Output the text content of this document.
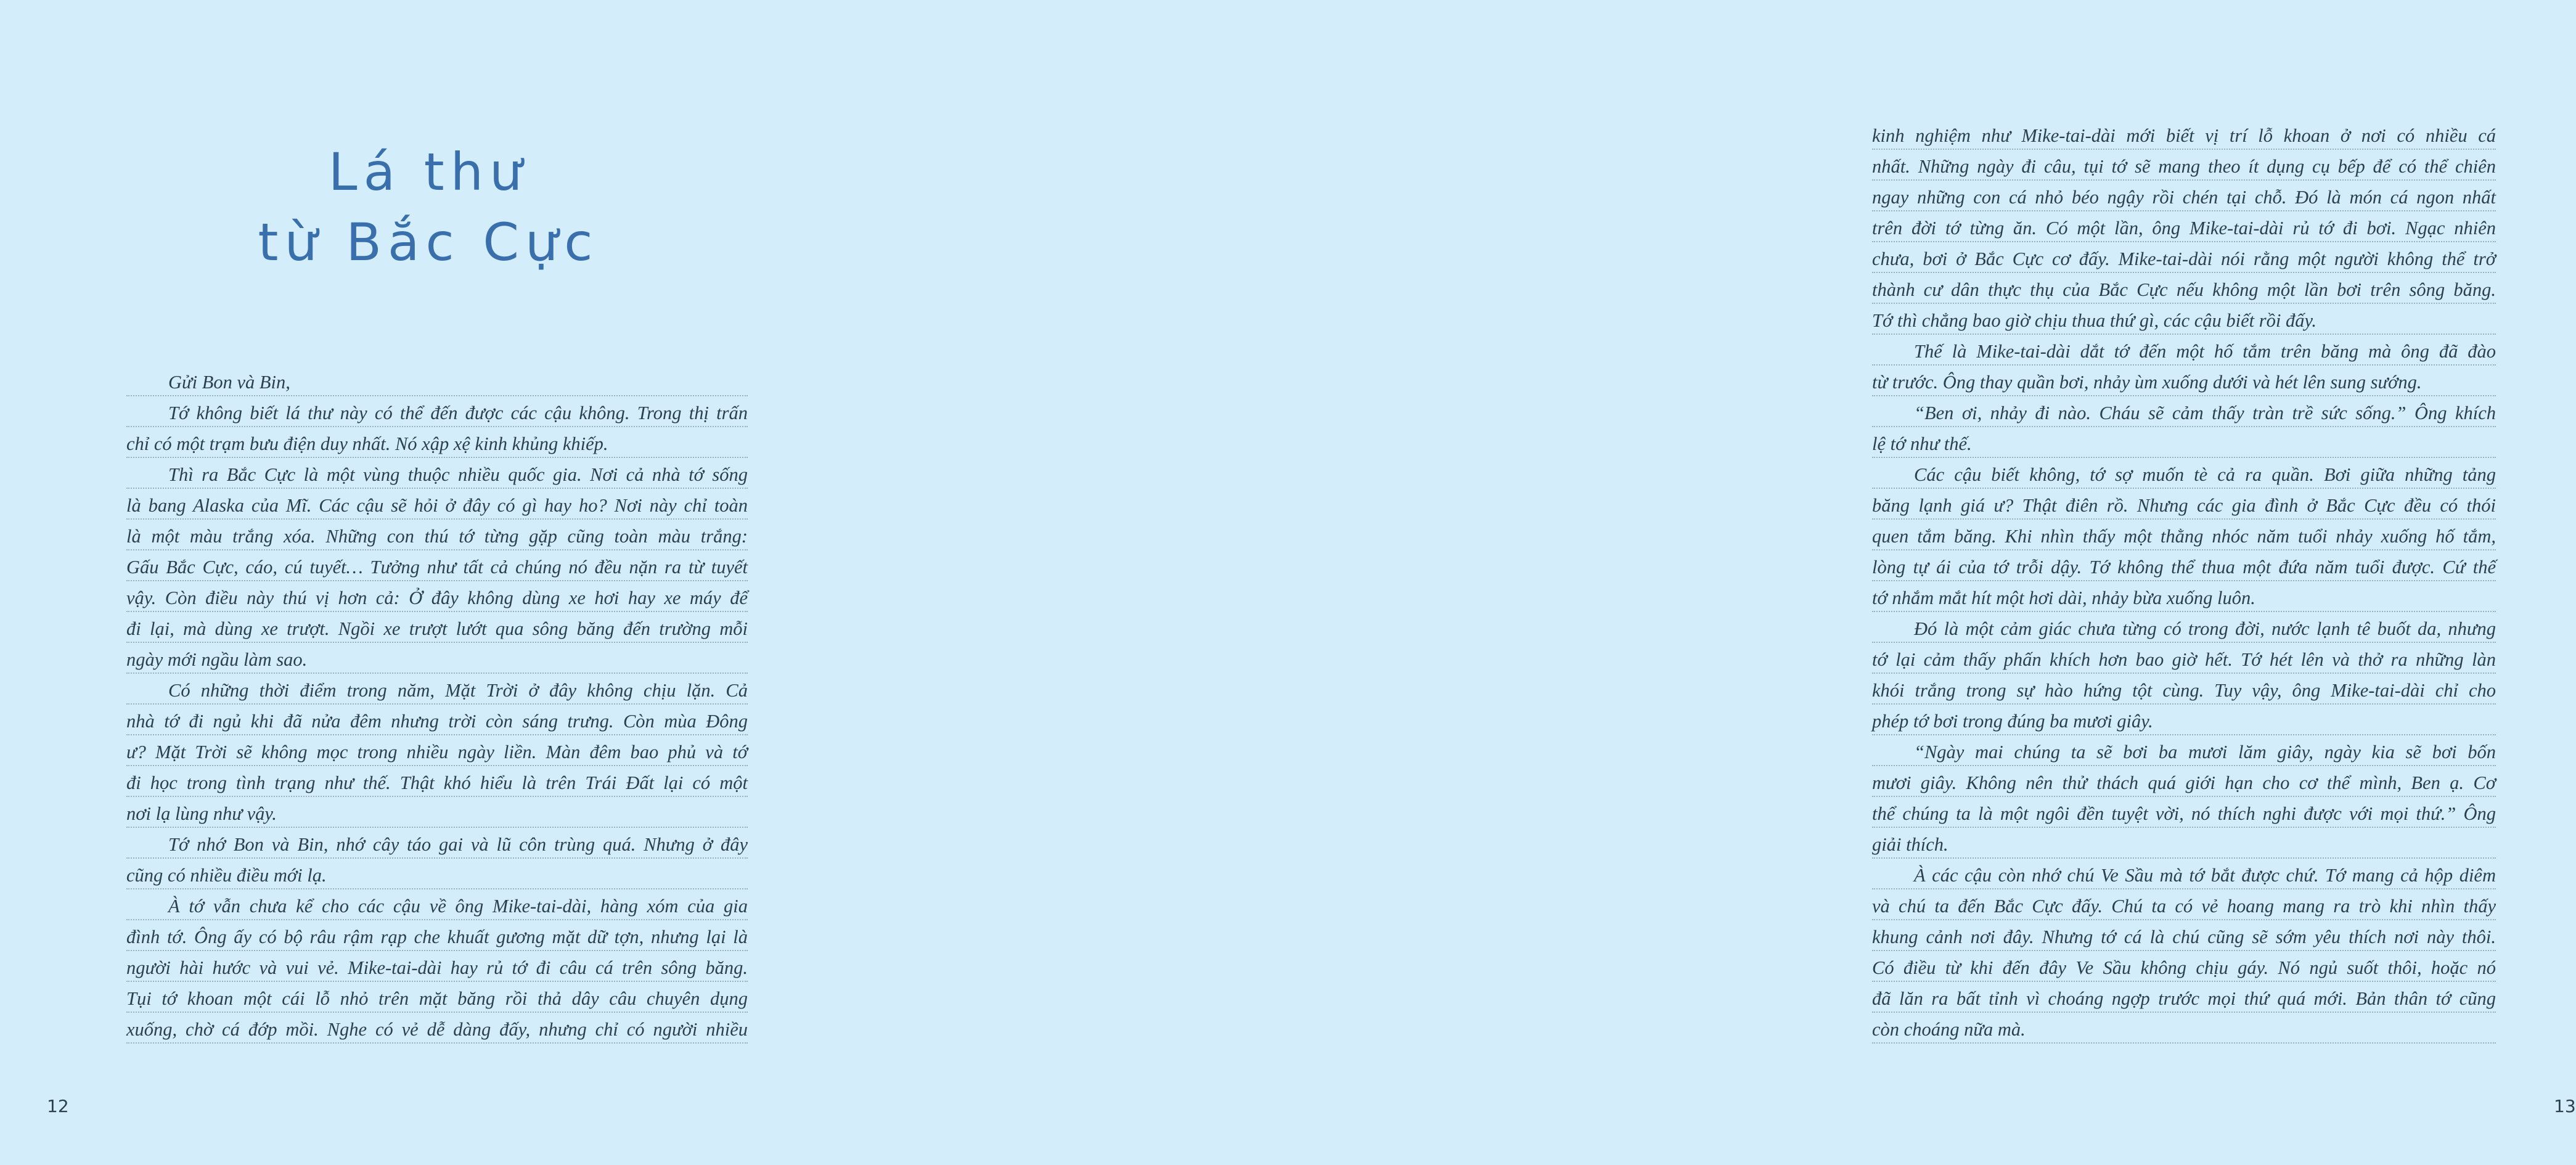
Lá thư
từ Bắc Cực
Gửi Bon và Bin,
Tớ không biết lá thư này có thể đến được các cậu không. Trong thị trấn
chỉ có một trạm bưu điện duy nhất. Nó xập xệ kinh khủng khiếp.
Thì ra Bắc Cực là một vùng thuộc nhiều quốc gia. Nơi cả nhà tớ sống
là bang Alaska của Mĩ. Các cậu sẽ hỏi ở đây có gì hay ho? Nơi này chỉ toàn
là một màu trắng xóa. Những con thú tớ từng gặp cũng toàn màu trắng:
Gấu Bắc Cực, cáo, cú tuyết… Tưởng như tất cả chúng nó đều nặn ra từ tuyết
vậy. Còn điều này thú vị hơn cả: Ở đây không dùng xe hơi hay xe máy để
đi lại, mà dùng xe trượt. Ngồi xe trượt lướt qua sông băng đến trường mỗi
ngày mới ngầu làm sao.
Có những thời điểm trong năm, Mặt Trời ở đây không chịu lặn. Cả
nhà tớ đi ngủ khi đã nửa đêm nhưng trời còn sáng trưng. Còn mùa Đông
ư? Mặt Trời sẽ không mọc trong nhiều ngày liền. Màn đêm bao phủ và tớ
đi học trong tình trạng như thế. Thật khó hiểu là trên Trái Đất lại có một
nơi lạ lùng như vậy.
Tớ nhớ Bon và Bin, nhớ cây táo gai và lũ côn trùng quá. Nhưng ở đây
cũng có nhiều điều mới lạ.
À tớ vẫn chưa kể cho các cậu về ông Mike-tai-dài, hàng xóm của gia
đình tớ. Ông ấy có bộ râu rậm rạp che khuất gương mặt dữ tợn, nhưng lại là
người hài hước và vui vẻ. Mike-tai-dài hay rủ tớ đi câu cá trên sông băng.
Tụi tớ khoan một cái lỗ nhỏ trên mặt băng rồi thả dây câu chuyên dụng
xuống, chờ cá đớp mồi. Nghe có vẻ dễ dàng đấy, nhưng chỉ có người nhiều
12
kinh nghiệm như Mike-tai-dài mới biết vị trí lỗ khoan ở nơi có nhiều cá
nhất. Những ngày đi câu, tụi tớ sẽ mang theo ít dụng cụ bếp để có thể chiên
ngay những con cá nhỏ béo ngậy rồi chén tại chỗ. Đó là món cá ngon nhất
trên đời tớ từng ăn. Có một lần, ông Mike-tai-dài rủ tớ đi bơi. Ngạc nhiên
chưa, bơi ở Bắc Cực cơ đấy. Mike-tai-dài nói rằng một người không thể trở
thành cư dân thực thụ của Bắc Cực nếu không một lần bơi trên sông băng.
Tớ thì chẳng bao giờ chịu thua thứ gì, các cậu biết rồi đấy.
Thế là Mike-tai-dài dắt tớ đến một hố tắm trên băng mà ông đã đào
từ trước. Ông thay quần bơi, nhảy ùm xuống dưới và hét lên sung sướng.
“Ben ơi, nhảy đi nào. Cháu sẽ cảm thấy tràn trề sức sống.” Ông khích
lệ tớ như thế.
Các cậu biết không, tớ sợ muốn tè cả ra quần. Bơi giữa những tảng
băng lạnh giá ư? Thật điên rồ. Nhưng các gia đình ở Bắc Cực đều có thói
quen tắm băng. Khi nhìn thấy một thằng nhóc năm tuổi nhảy xuống hố tắm,
lòng tự ái của tớ trỗi dậy. Tớ không thể thua một đứa năm tuổi được. Cứ thế
tớ nhắm mắt hít một hơi dài, nhảy bừa xuống luôn.
Đó là một cảm giác chưa từng có trong đời, nước lạnh tê buốt da, nhưng
tớ lại cảm thấy phấn khích hơn bao giờ hết. Tớ hét lên và thở ra những làn
khói trắng trong sự hào hứng tột cùng. Tuy vậy, ông Mike-tai-dài chỉ cho
phép tớ bơi trong đúng ba mươi giây.
“Ngày mai chúng ta sẽ bơi ba mươi lăm giây, ngày kia sẽ bơi bốn
mươi giây. Không nên thử thách quá giới hạn cho cơ thể mình, Ben ạ. Cơ
thể chúng ta là một ngôi đền tuyệt vời, nó thích nghi được với mọi thứ.” Ông
giải thích.
À các cậu còn nhớ chú Ve Sầu mà tớ bắt được chứ. Tớ mang cả hộp diêm
và chú ta đến Bắc Cực đấy. Chú ta có vẻ hoang mang ra trò khi nhìn thấy
khung cảnh nơi đây. Nhưng tớ cá là chú cũng sẽ sớm yêu thích nơi này thôi.
Có điều từ khi đến đây Ve Sầu không chịu gáy. Nó ngủ suốt thôi, hoặc nó
đã lăn ra bất tỉnh vì choáng ngợp trước mọi thứ quá mới. Bản thân tớ cũng
còn choáng nữa mà.
13
